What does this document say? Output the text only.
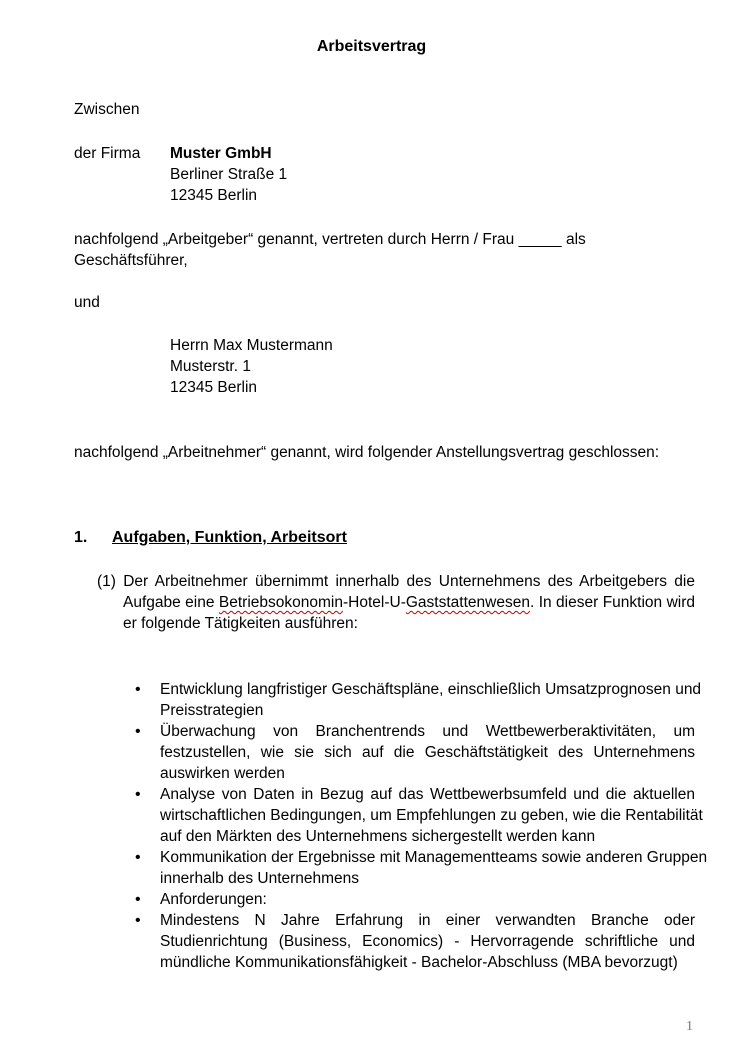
Arbeitsvertrag
Zwischen
der Firma Muster GmbH
Berliner Straße 1
12345 Berlin
nachfolgend „Arbeitgeber“ genannt, vertreten durch Herrn / Frau _____ als
Geschäftsführer,
und
Herrn Max Mustermann
Musterstr. 1
12345 Berlin
nachfolgend „Arbeitnehmer“ genannt, wird folgender Anstellungsvertrag geschlossen:
1. Aufgaben, Funktion, Arbeitsort
(1) Der Arbeitnehmer übernimmt innerhalb des Unternehmens des Arbeitgebers die
Aufgabe eine Betriebsokonomin-Hotel-U-Gaststattenwesen. In dieser Funktion wird
er folgende Tätigkeiten ausführen:
• Entwicklung langfristiger Geschäftspläne, einschließlich Umsatzprognosen und
Preisstrategien
• Überwachung von Branchentrends und Wettbewerberaktivitäten, um
festzustellen, wie sie sich auf die Geschäftstätigkeit des Unternehmens
auswirken werden
• Analyse von Daten in Bezug auf das Wettbewerbsumfeld und die aktuellen
wirtschaftlichen Bedingungen, um Empfehlungen zu geben, wie die Rentabilität
auf den Märkten des Unternehmens sichergestellt werden kann
• Kommunikation der Ergebnisse mit Managementteams sowie anderen Gruppen
innerhalb des Unternehmens
• Anforderungen:
• Mindestens N Jahre Erfahrung in einer verwandten Branche oder
Studienrichtung (Business, Economics) - Hervorragende schriftliche und
mündliche Kommunikationsfähigkeit - Bachelor-Abschluss (MBA bevorzugt)
1
